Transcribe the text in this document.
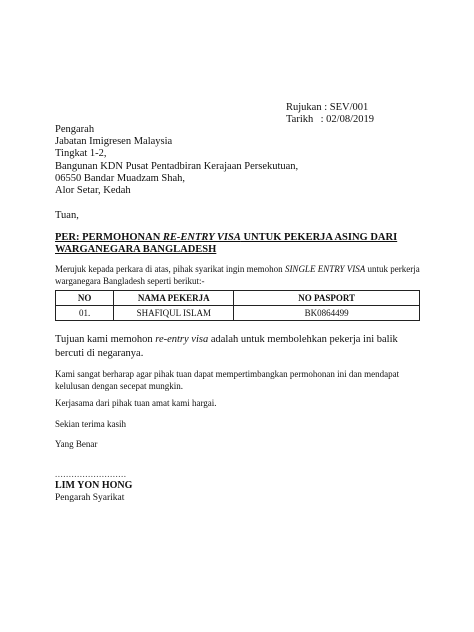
Rujukan : SEV/001
Tarikh : 02/08/2019
Pengarah
Jabatan Imigresen Malaysia
Tingkat 1-2,
Bangunan KDN Pusat Pentadbiran Kerajaan Persekutuan,
06550 Bandar Muadzam Shah,
Alor Setar, Kedah
Tuan,
PER: PERMOHONAN RE-ENTRY VISA UNTUK PEKERJA ASING DARI WARGANEGARA BANGLADESH
Merujuk kepada perkara di atas, pihak syarikat ingin memohon SINGLE ENTRY VISA untuk perkerja warganegara Bangladesh seperti berikut:-
NO	NAMA PEKERJA	NO PASPORT
01.	SHAFIQUL ISLAM	BK0864499
Tujuan kami memohon re-entry visa adalah untuk membolehkan pekerja ini balik bercuti di negaranya.
Kami sangat berharap agar pihak tuan dapat mempertimbangkan permohonan ini dan mendapat kelulusan dengan secepat mungkin.
Kerjasama dari pihak tuan amat kami hargai.
Sekian terima kasih
Yang Benar
..........................
LIM YON HONG
Pengarah Syarikat
